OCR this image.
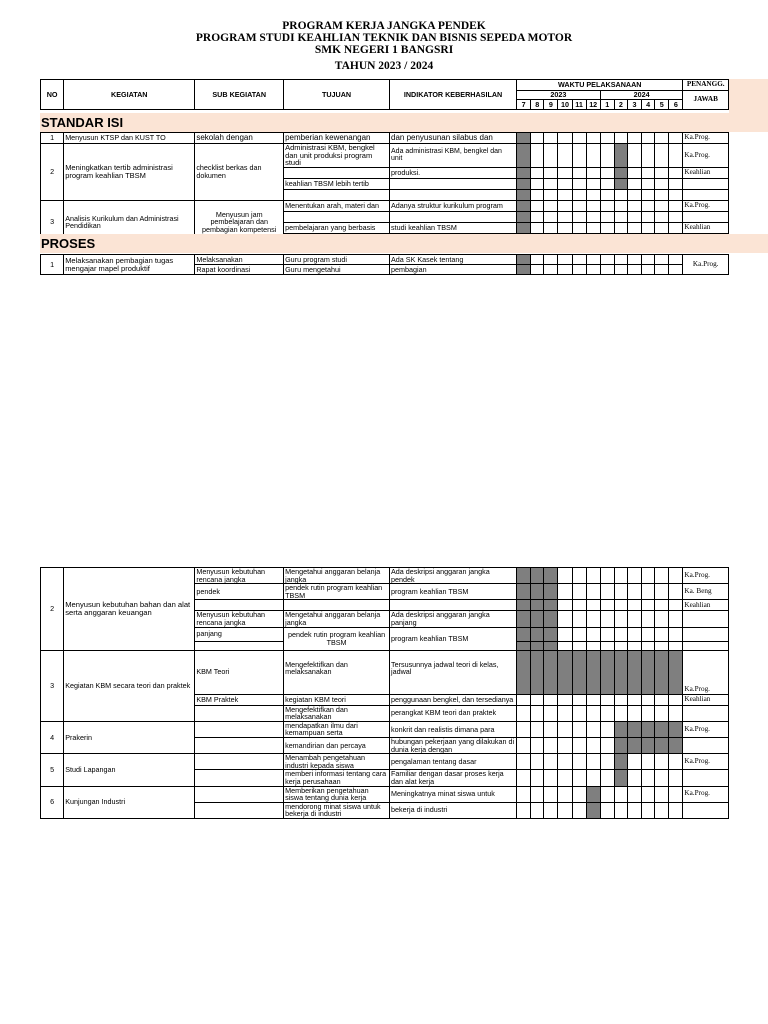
PROGRAM KERJA JANGKA PENDEK
PROGRAM STUDI KEAHLIAN TEKNIK DAN BISNIS SEPEDA MOTOR
SMK NEGERI 1 BANGSRI
TAHUN 2023 / 2024
NO	KEGIATAN	SUB KEGIATAN	TUJUAN	INDIKATOR KEBERHASILAN	WAKTU PELAKSANAAN												PENANGG.
					2023						2024						JAWAB
					7	8	9	10	11	12	1	2	3	4	5	6	
STANDAR ISI
1	Menyusun KTSP dan KUST TO	sekolah dengan	pemberian kewenangan	dan penyusunan silabus dan													Ka.Prog.
2	Meningkatkan tertib administrasi program keahlian TBSM	checklist berkas dan dokumen	Administrasi KBM, bengkel dan unit produksi program studi	Ada administrasi KBM, bengkel dan unit													Ka.Prog.
				produksi.													Keahlian
			keahlian TBSM lebih tertib														

3	Analisis Kurikulum dan Administrasi Pendidikan	Menyusun jam pembelajaran dan pembagian kompetensi	Menentukan arah, materi dan	Adanya struktur kurikulum program													Ka.Prog.

			pembelajaran yang berbasis	studi keahlian TBSM													Keahlian

PROSES
1	Melaksanakan pembagian tugas mengajar mapel produktif	Melaksanakan	Guru program studi	Ada SK Kasek tentang													Ka.Prog.
		Rapat koordinasi	Guru mengetahui	pembagian													
2	Menyusun kebutuhan bahan dan alat serta anggaran keuangan	Menyusun kebutuhan rencana jangka	Mengetahui anggaran belanja jangka	Ada deskripsi anggaran jangka pendek													Ka.Prog.
		pendek	pendek rutin program keahlian TBSM	program keahlian TBSM													Ka. Beng
																	Keahlian
		Menyusun kebutuhan rencana jangka	Mengetahui anggaran belanja jangka	Ada deskripsi anggaran jangka panjang													
		panjang	pendek rutin program keahlian TBSM	program keahlian TBSM													

3	Kegiatan KBM secara teori dan praktek	KBM Teori	Mengefektifkan dan melaksanakan	Tersusunnya jadwal teori di kelas, jadwal													Ka.Prog.
		KBM Praktek	kegiatan KBM teori	penggunaan bengkel, dan tersedianya													Keahlian
			Mengefektifkan dan melaksanakan	perangkat KBM teori dan praktek													
4	Prakerin		mendapatkan ilmu dari kemampuan serta	konkrit dan realistis dimana para													Ka.Prog.
			kemandirian dan percaya	hubungan pekerjaan yang dilakukan di dunia kerja dengan													
5	Studi Lapangan		Menambah pengetahuan industri kepada siswa	pengalaman tentang dasar													Ka.Prog.
			memberi informasi tentang cara kerja perusahaan	Familiar dengan dasar proses kerja dan alat kerja													
6	Kunjungan Industri		Memberikan pengetahuan siswa tentang dunia kerja	Meningkatnya minat siswa untuk													Ka.Prog.
			mendorong minat siswa untuk bekerja di industri	bekerja di industri													
